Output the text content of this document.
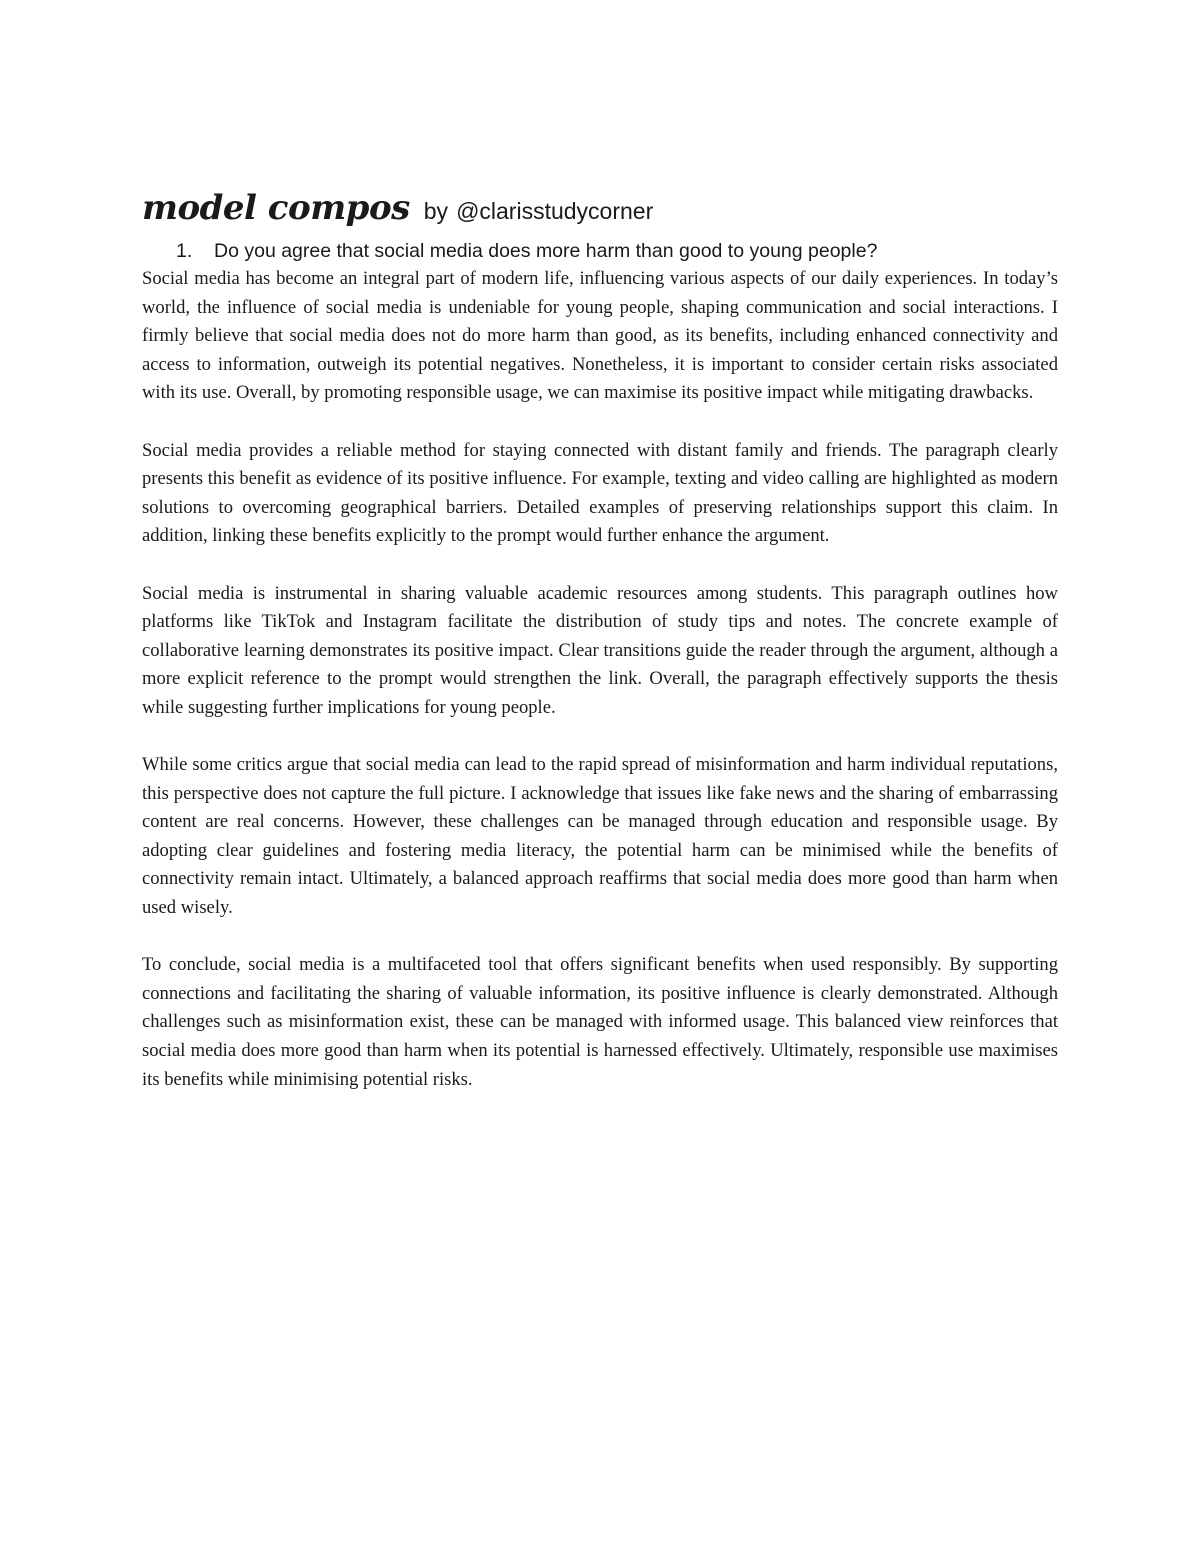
model compos by @clarisstudycorner
1. Do you agree that social media does more harm than good to young people?

Social media has become an integral part of modern life, influencing various aspects of our daily experiences. In today’s world, the influence of social media is undeniable for young people, shaping communication and social interactions. I firmly believe that social media does not do more harm than good, as its benefits, including enhanced connectivity and access to information, outweigh its potential negatives. Nonetheless, it is important to consider certain risks associated with its use. Overall, by promoting responsible usage, we can maximise its positive impact while mitigating drawbacks.

Social media provides a reliable method for staying connected with distant family and friends. The paragraph clearly presents this benefit as evidence of its positive influence. For example, texting and video calling are highlighted as modern solutions to overcoming geographical barriers. Detailed examples of preserving relationships support this claim. In addition, linking these benefits explicitly to the prompt would further enhance the argument.

Social media is instrumental in sharing valuable academic resources among students. This paragraph outlines how platforms like TikTok and Instagram facilitate the distribution of study tips and notes. The concrete example of collaborative learning demonstrates its positive impact. Clear transitions guide the reader through the argument, although a more explicit reference to the prompt would strengthen the link. Overall, the paragraph effectively supports the thesis while suggesting further implications for young people.

While some critics argue that social media can lead to the rapid spread of misinformation and harm individual reputations, this perspective does not capture the full picture. I acknowledge that issues like fake news and the sharing of embarrassing content are real concerns. However, these challenges can be managed through education and responsible usage. By adopting clear guidelines and fostering media literacy, the potential harm can be minimised while the benefits of connectivity remain intact. Ultimately, a balanced approach reaffirms that social media does more good than harm when used wisely.

To conclude, social media is a multifaceted tool that offers significant benefits when used responsibly. By supporting connections and facilitating the sharing of valuable information, its positive influence is clearly demonstrated. Although challenges such as misinformation exist, these can be managed with informed usage. This balanced view reinforces that social media does more good than harm when its potential is harnessed effectively. Ultimately, responsible use maximises its benefits while minimising potential risks.
